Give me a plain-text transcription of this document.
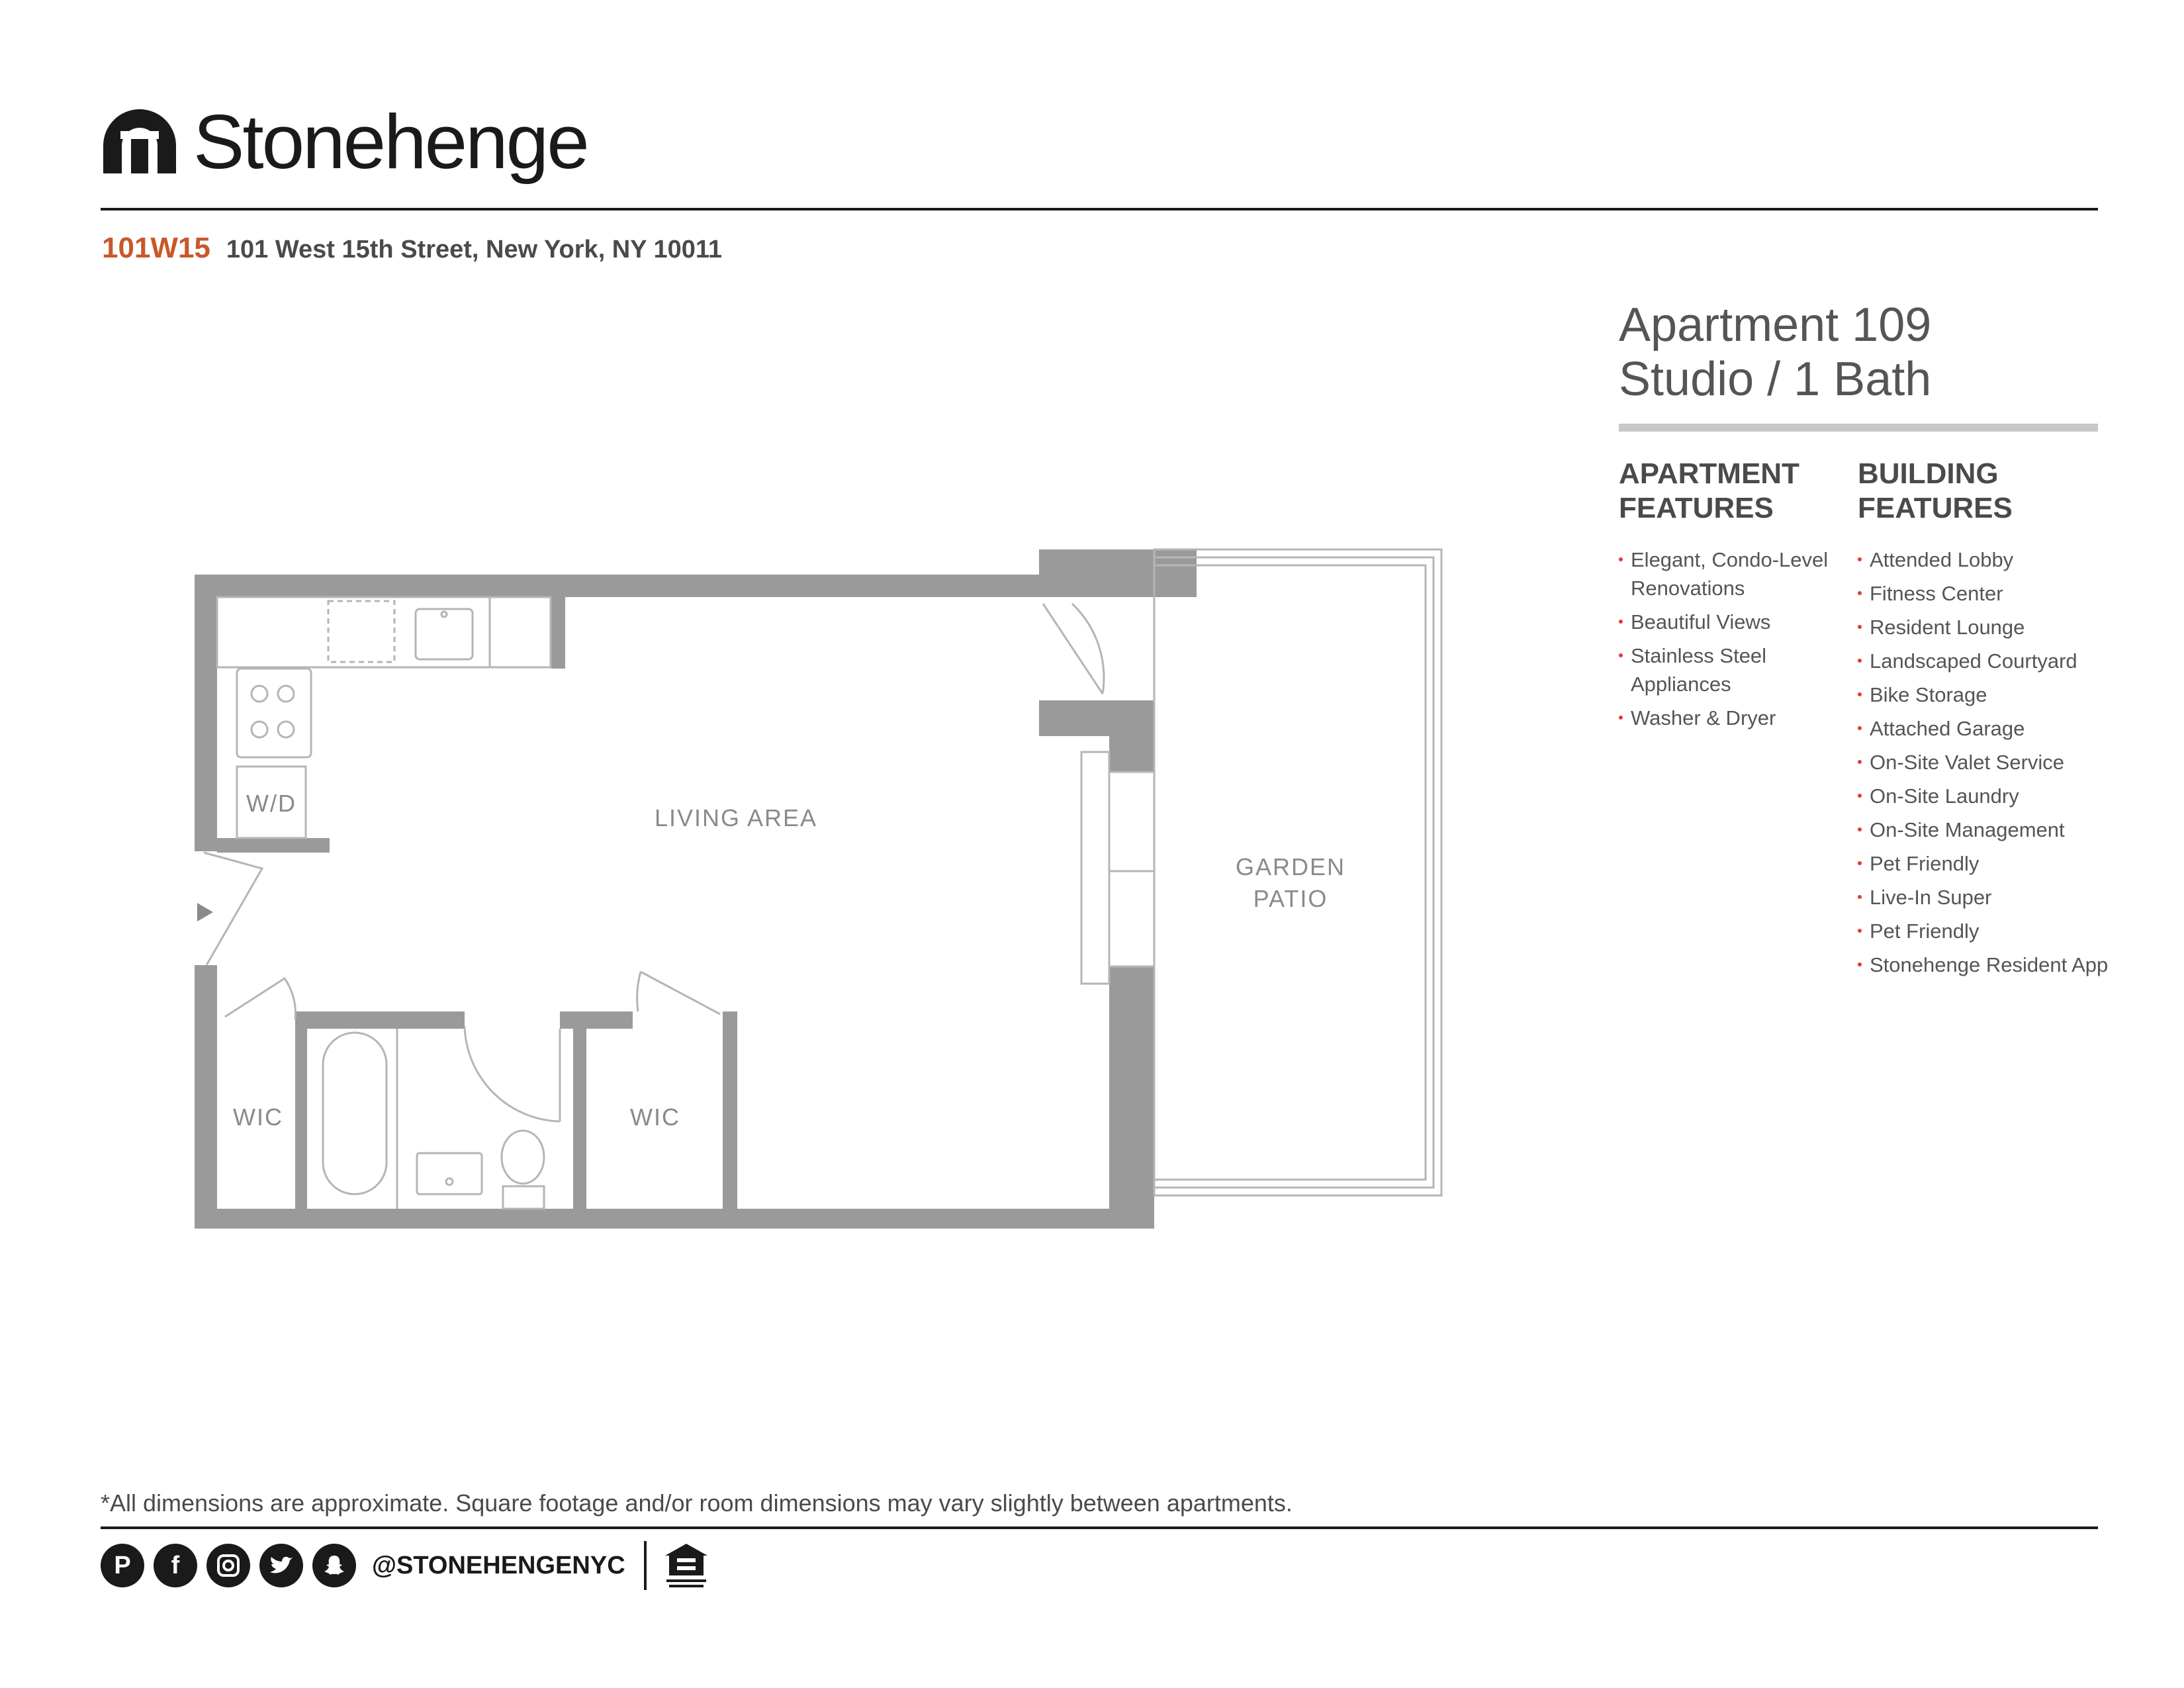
Stonehenge
101W15 101 West 15th Street, New York, NY 10011
Apartment 109
Studio / 1 Bath
APARTMENT
FEATURES
Elegant, Condo-Level Renovations
Beautiful Views
Stainless Steel Appliances
Washer & Dryer
BUILDING
FEATURES
Attended Lobby
Fitness Center
Resident Lounge
Landscaped Courtyard
Bike Storage
Attached Garage
On-Site Valet Service
On-Site Laundry
On-Site Management
Pet Friendly
Live-In Super
Pet Friendly
Stonehenge Resident App
LIVING AREA
GARDEN
PATIO
WIC	WIC
W/D
*All dimensions are approximate. Square footage and/or room dimensions may vary slightly between apartments.
P	f	@STONEHENGENYC
